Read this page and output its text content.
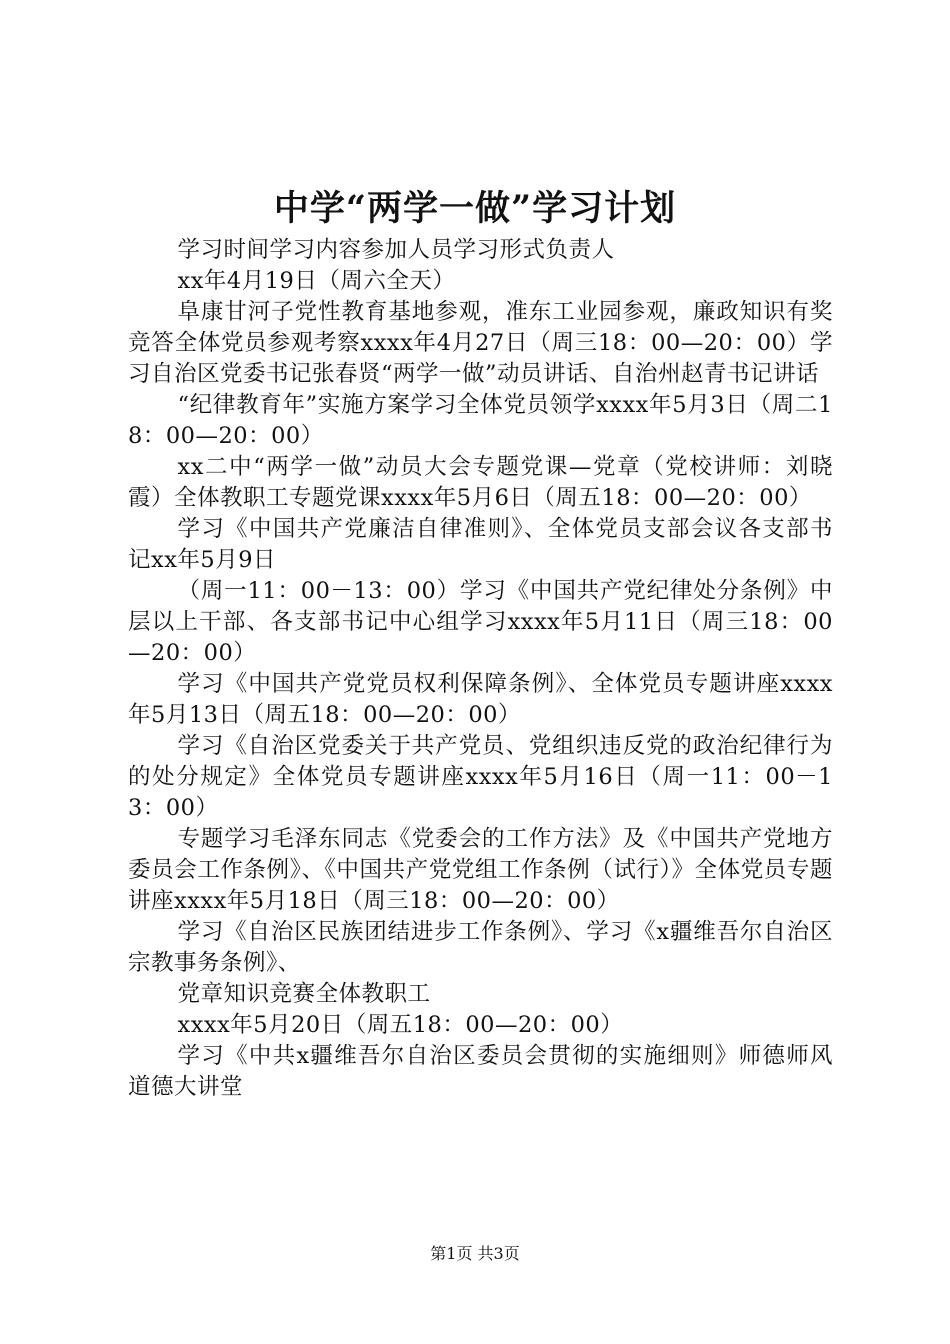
中学“两学一做”学习计划

学习时间学习内容参加人员学习形式负责人

xx年4月19日（周六全天）

阜康甘河子党性教育基地参观，准东工业园参观，廉政知识有奖竞答全体党员参观考察xxxx年4月27日（周三18：00—20：00）学习自治区党委书记张春贤“两学一做”动员讲话、自治州赵青书记讲话

“纪律教育年”实施方案学习全体党员领学xxxx年5月3日（周二18：00—20：00）

xx二中“两学一做”动员大会专题党课—党章（党校讲师：刘晓霞）全体教职工专题党课xxxx年5月6日（周五18：00—20：00）

学习《中国共产党廉洁自律准则》、全体党员支部会议各支部书记xx年5月9日

（周一11：00－13：00）学习《中国共产党纪律处分条例》中层以上干部、各支部书记中心组学习xxxx年5月11日（周三18：00—20：00）

学习《中国共产党党员权利保障条例》、全体党员专题讲座xxxx年5月13日（周五18：00—20：00）

学习《自治区党委关于共产党员、党组织违反党的政治纪律行为的处分规定》全体党员专题讲座xxxx年5月16日（周一11：00－13：00）

专题学习毛泽东同志《党委会的工作方法》及《中国共产党地方委员会工作条例》、《中国共产党党组工作条例（试行）》全体党员专题讲座xxxx年5月18日（周三18：00—20：00）

学习《自治区民族团结进步工作条例》、学习《x疆维吾尔自治区宗教事务条例》、

党章知识竞赛全体教职工

xxxx年5月20日（周五18：00—20：00）

学习《中共x疆维吾尔自治区委员会贯彻的实施细则》师德师风道德大讲堂

第1页 共3页
